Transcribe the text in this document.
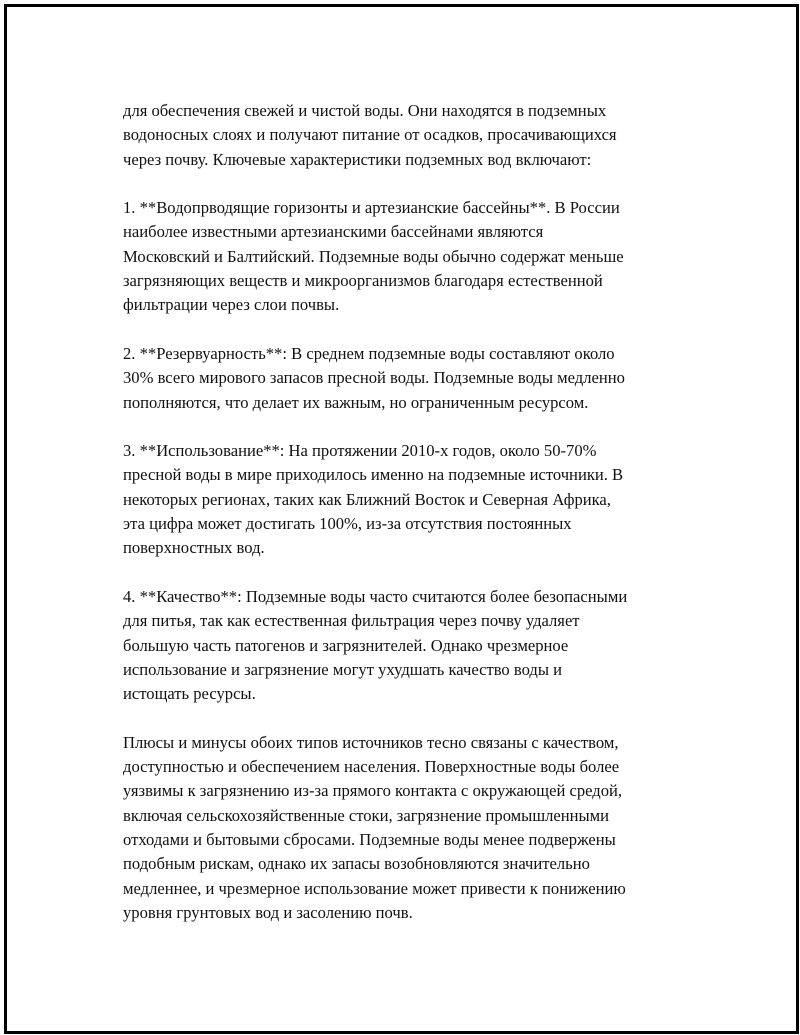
для обеспечения свежей и чистой воды. Они находятся в подземных
водоносных слоях и получают питание от осадков, просачивающихся
через почву. Ключевые характеристики подземных вод включают:

1. **Водопрводящие горизонты и артезианские бассейны**. В России
наиболее известными артезианскими бассейнами являются
Московский и Балтийский. Подземные воды обычно содержат меньше
загрязняющих веществ и микроорганизмов благодаря естественной
фильтрации через слои почвы.

2. **Резервуарность**: В среднем подземные воды составляют около
30% всего мирового запасов пресной воды. Подземные воды медленно
пополняются, что делает их важным, но ограниченным ресурсом.

3. **Использование**: На протяжении 2010-х годов, около 50-70%
пресной воды в мире приходилось именно на подземные источники. В
некоторых регионах, таких как Ближний Восток и Северная Африка,
эта цифра может достигать 100%, из-за отсутствия постоянных
поверхностных вод.

4. **Качество**: Подземные воды часто считаются более безопасными
для питья, так как естественная фильтрация через почву удаляет
большую часть патогенов и загрязнителей. Однако чрезмерное
использование и загрязнение могут ухудшать качество воды и
истощать ресурсы.

Плюсы и минусы обоих типов источников тесно связаны с качеством,
доступностью и обеспечением населения. Поверхностные воды более
уязвимы к загрязнению из-за прямого контакта с окружающей средой,
включая сельскохозяйственные стоки, загрязнение промышленными
отходами и бытовыми сбросами. Подземные воды менее подвержены
подобным рискам, однако их запасы возобновляются значительно
медленнее, и чрезмерное использование может привести к понижению
уровня грунтовых вод и засолению почв.
